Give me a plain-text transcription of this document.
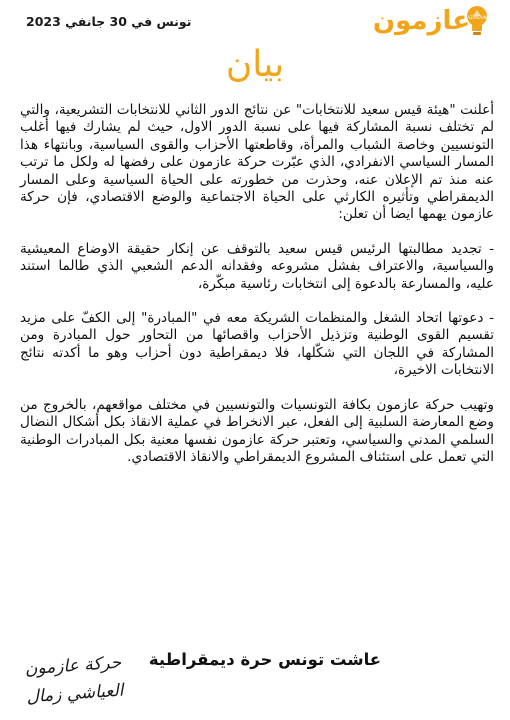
AZIMOUN
عازمون
تونس في 30 جانفي 2023
بيان

أعلنت "هيئة قيس سعيد للانتخابات" عن نتائج الدور الثاني للانتخابات التشريعية، والتي لم تختلف نسبة المشاركة فيها على نسبة الدور الاول، حيث لم يشارك فيها أغلب التونسيين وخاصة الشباب والمرأة، وقاطعتها الأحزاب والقوى السياسية، وبانتهاء هذا المسار السياسي الانفرادي، الذي عبّرت حركة عازمون على رفضها له ولكل ما ترتب عنه منذ تم الإعلان عنه، وحذرت من خطورته على الحياة السياسية وعلى المسار الديمقراطي وتأثيره الكارثي على الحياة الاجتماعية والوضع الاقتصادي، فإن حركة عازمون يهمها ايضا أن تعلن:

- تجديد مطالبتها الرئيس قيس سعيد بالتوقف عن إنكار حقيقة الاوضاع المعيشية والسياسية، والاعتراف بفشل مشروعه وفقدانه الدعم الشعبي الذي طالما استند عليه، والمسارعة بالدعوة إلى انتخابات رئاسية مبكّرة،

- دعوتها اتحاد الشغل والمنظمات الشريكة معه في "المبادرة" إلى الكفّ على مزيد تقسيم القوى الوطنية وتزذيل الأحزاب واقصائها من التحاور حول المبادرة ومن المشاركة في اللجان التي شكّلها، فلا ديمقراطية دون أحزاب وهو ما أكدته نتائج الانتخابات الاخيرة،

وتهيب حركة عازمون بكافة التونسيات والتونسيين في مختلف مواقعهم، بالخروج من وضع المعارضة السلبية إلى الفعل، عبر الانخراط في عملية الانقاذ بكل أشكال النضال السلمي المدني والسياسي، وتعتبر حركة عازمون نفسها معنية بكل المبادرات الوطنية التي تعمل على استئناف المشروع الديمقراطي والانقاذ الاقتصادي.

عاشت تونس حرة ديمقراطية
حركة عازمون
العياشي زمال
